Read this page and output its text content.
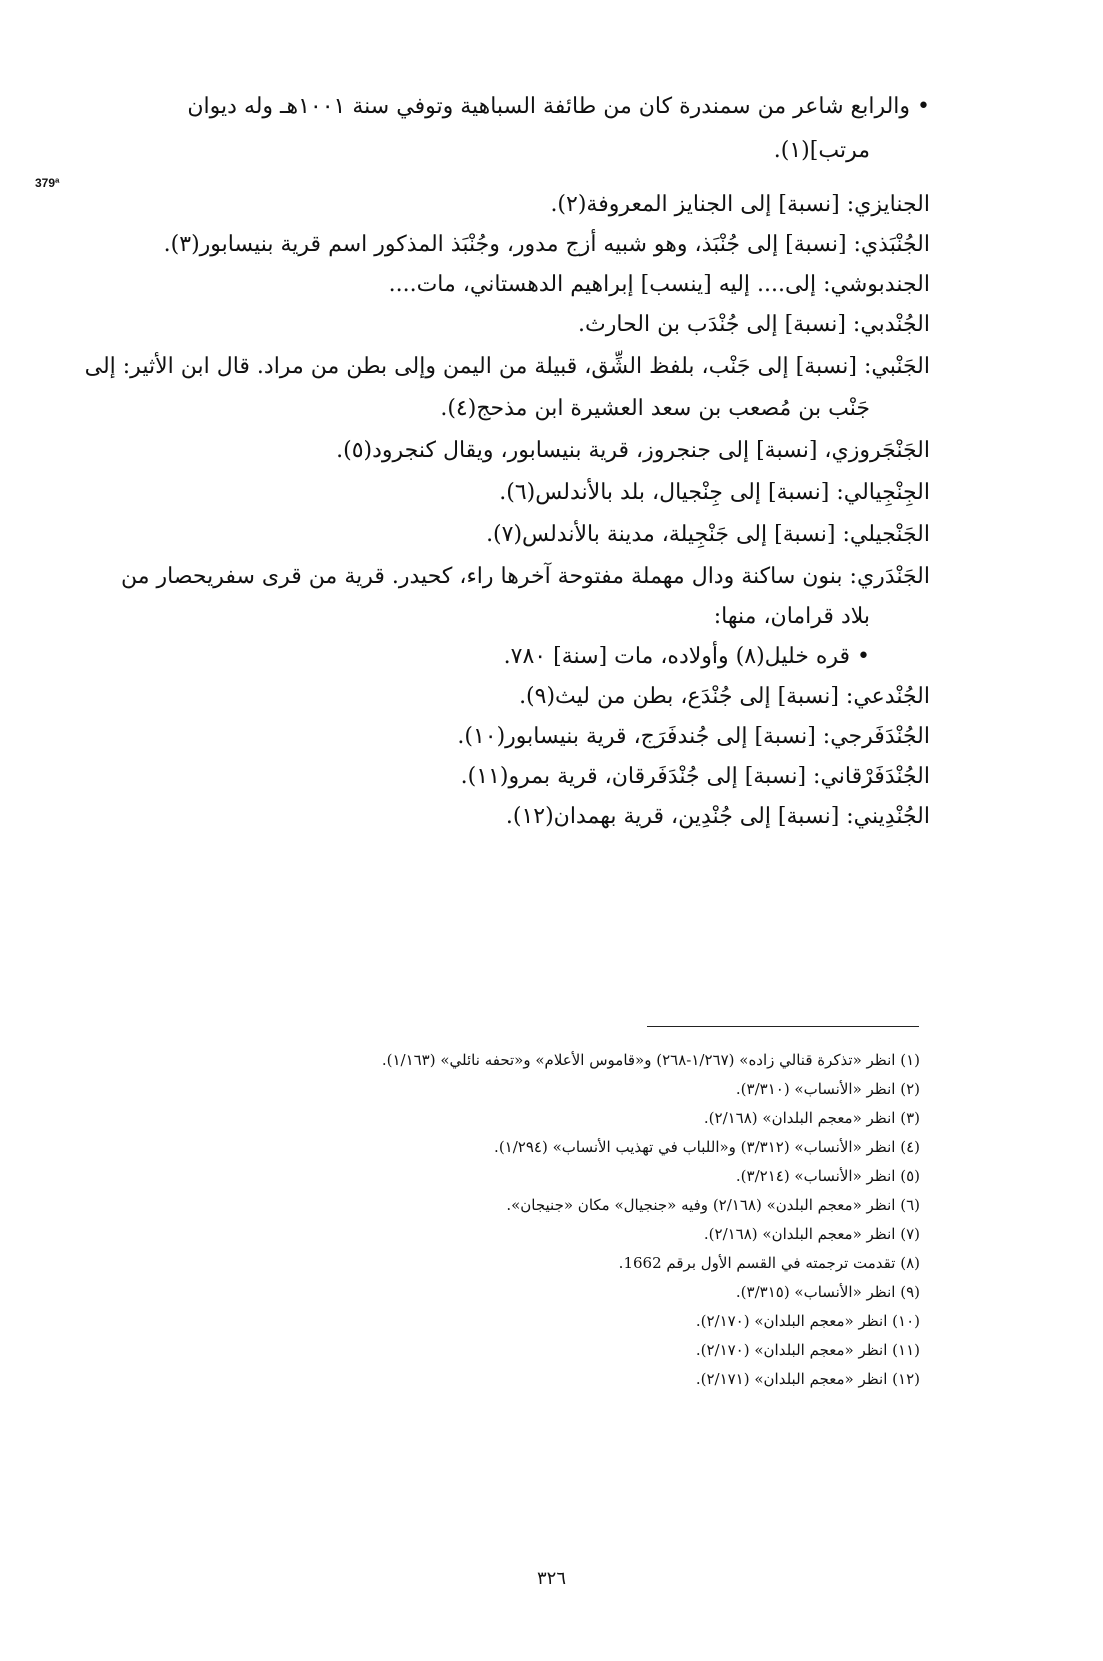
• والرابع شاعر من سمندرة كان من طائفة السباهية وتوفي سنة ١٠٠١هـ وله ديوان
مرتب](١).
379ª
الجنايزي: [نسبة] إلى الجنايز المعروفة(٢).
الجُنْبَذي: [نسبة] إلى جُنْبَذ، وهو شبيه أزج مدور، وجُنْبَذ المذكور اسم قرية بنيسابور(٣).
الجندبوشي: إلى.... إليه [ينسب] إبراهيم الدهستاني، مات....
الجُنْدبي: [نسبة] إلى جُنْدَب بن الحارث.
الجَنْبي: [نسبة] إلى جَنْب، بلفظ الشِّق، قبيلة من اليمن وإلى بطن من مراد. قال ابن الأثير: إلى
جَنْب بن مُصعب بن سعد العشيرة ابن مذحج(٤).
الجَنْجَروزي، [نسبة] إلى جنجروز، قرية بنيسابور، ويقال كنجرود(٥).
الجِنْجِيالي: [نسبة] إلى جِنْجيال، بلد بالأندلس(٦).
الجَنْجيلي: [نسبة] إلى جَنْجِيلة، مدينة بالأندلس(٧).
الجَنْدَري: بنون ساكنة ودال مهملة مفتوحة آخرها راء، كحيدر. قرية من قرى سفريحصار من
بلاد قرامان، منها:
• قره خليل(٨) وأولاده، مات [سنة] ٧٨٠.
الجُنْدعي: [نسبة] إلى جُنْدَع، بطن من ليث(٩).
الجُنْدَفَرجي: [نسبة] إلى جُندفَرَج، قرية بنيسابور(١٠).
الجُنْدَفَرْقاني: [نسبة] إلى جُنْدَفَرقان، قرية بمرو(١١).
الجُنْدِيني: [نسبة] إلى جُنْدِين، قرية بهمدان(١٢).
(١) انظر «تذكرة قنالي زاده» (١/٢٦٧-٢٦٨) و«قاموس الأعلام» و«تحفه نائلي» (١/١٦٣).
(٢) انظر «الأنساب» (٣/٣١٠).
(٣) انظر «معجم البلدان» (٢/١٦٨).
(٤) انظر «الأنساب» (٣/٣١٢) و«اللباب في تهذيب الأنساب» (١/٢٩٤).
(٥) انظر «الأنساب» (٣/٢١٤).
(٦) انظر «معجم البلدن» (٢/١٦٨) وفيه «جنجيال» مكان «جنيجان».
(٧) انظر «معجم البلدان» (٢/١٦٨).
(٨) تقدمت ترجمته في القسم الأول برقم 1662.
(٩) انظر «الأنساب» (٣/٣١٥).
(١٠) انظر «معجم البلدان» (٢/١٧٠).
(١١) انظر «معجم البلدان» (٢/١٧٠).
(١٢) انظر «معجم البلدان» (٢/١٧١).
٣٢٦
